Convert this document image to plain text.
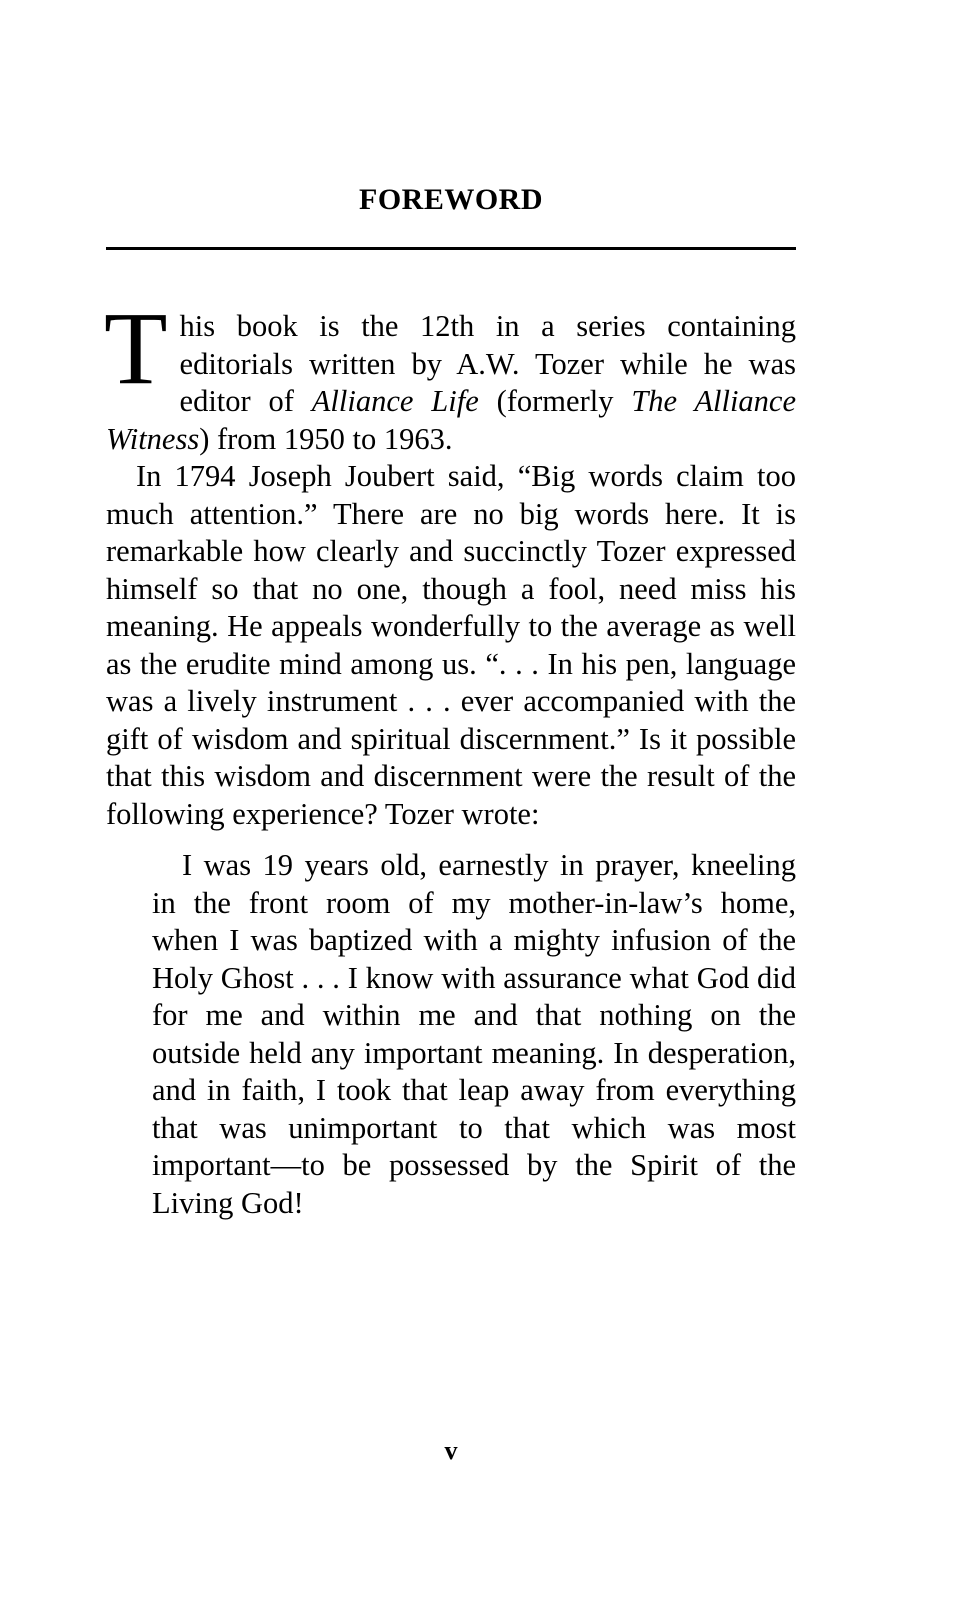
FOREWORD

This book is the 12th in a series containing editorials written by A.W. Tozer while he was editor of Alliance Life (formerly The Alliance Witness) from 1950 to 1963.

In 1794 Joseph Joubert said, “Big words claim too much attention.” There are no big words here. It is remarkable how clearly and succinctly Tozer expressed himself so that no one, though a fool, need miss his meaning. He appeals wonderfully to the average as well as the erudite mind among us. “. . . In his pen, language was a lively instrument . . . ever accompanied with the gift of wisdom and spiritual discernment.” Is it possible that this wisdom and discernment were the result of the following experience? Tozer wrote:

I was 19 years old, earnestly in prayer, kneeling in the front room of my mother-in-law’s home, when I was baptized with a mighty infusion of the Holy Ghost . . . I know with assurance what God did for me and within me and that nothing on the outside held any important meaning. In desperation, and in faith, I took that leap away from everything that was unimportant to that which was most important—to be possessed by the Spirit of the Living God!

v
